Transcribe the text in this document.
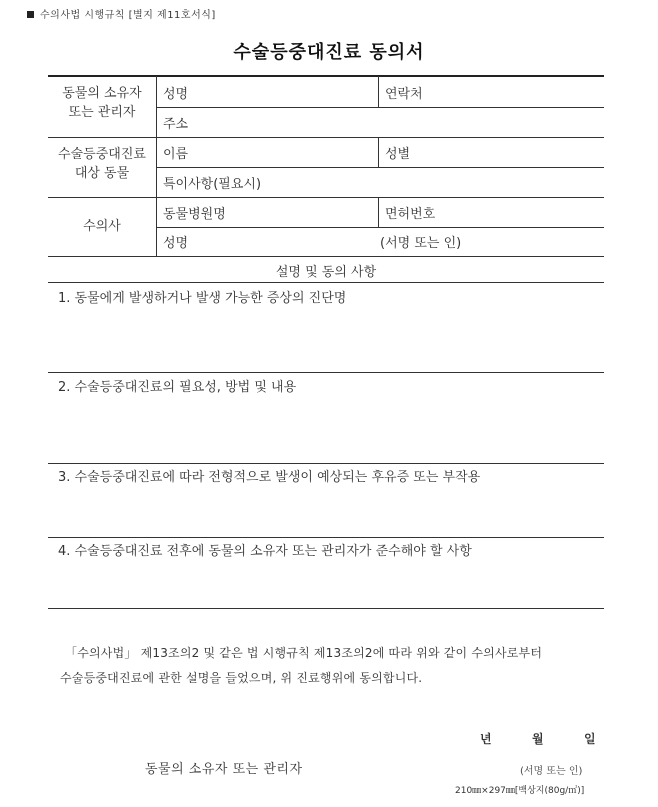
수의사법 시행규칙 [별지 제11호서식]
수술등중대진료 동의서
동물의 소유자
또는 관리자
성명	연락처
주소
수술등중대진료
대상 동물
이름	성별
특이사항(필요시)
수의사
동물병원명	면허번호
성명	(서명 또는 인)
설명 및 동의 사항
1. 동물에게 발생하거나 발생 가능한 증상의 진단명
2. 수술등중대진료의 필요성, 방법 및 내용
3. 수술등중대진료에 따라 전형적으로 발생이 예상되는 후유증 또는 부작용
4. 수술등중대진료 전후에 동물의 소유자 또는 관리자가 준수해야 할 사항
「수의사법」 제13조의2 및 같은 법 시행규칙 제13조의2에 따라 위와 같이 수의사로부터
수술등중대진료에 관한 설명을 들었으며, 위 진료행위에 동의합니다.
년	월	일
동물의 소유자 또는 관리자	(서명 또는 인)
210㎜×297㎜[백상지(80g/㎡)]
